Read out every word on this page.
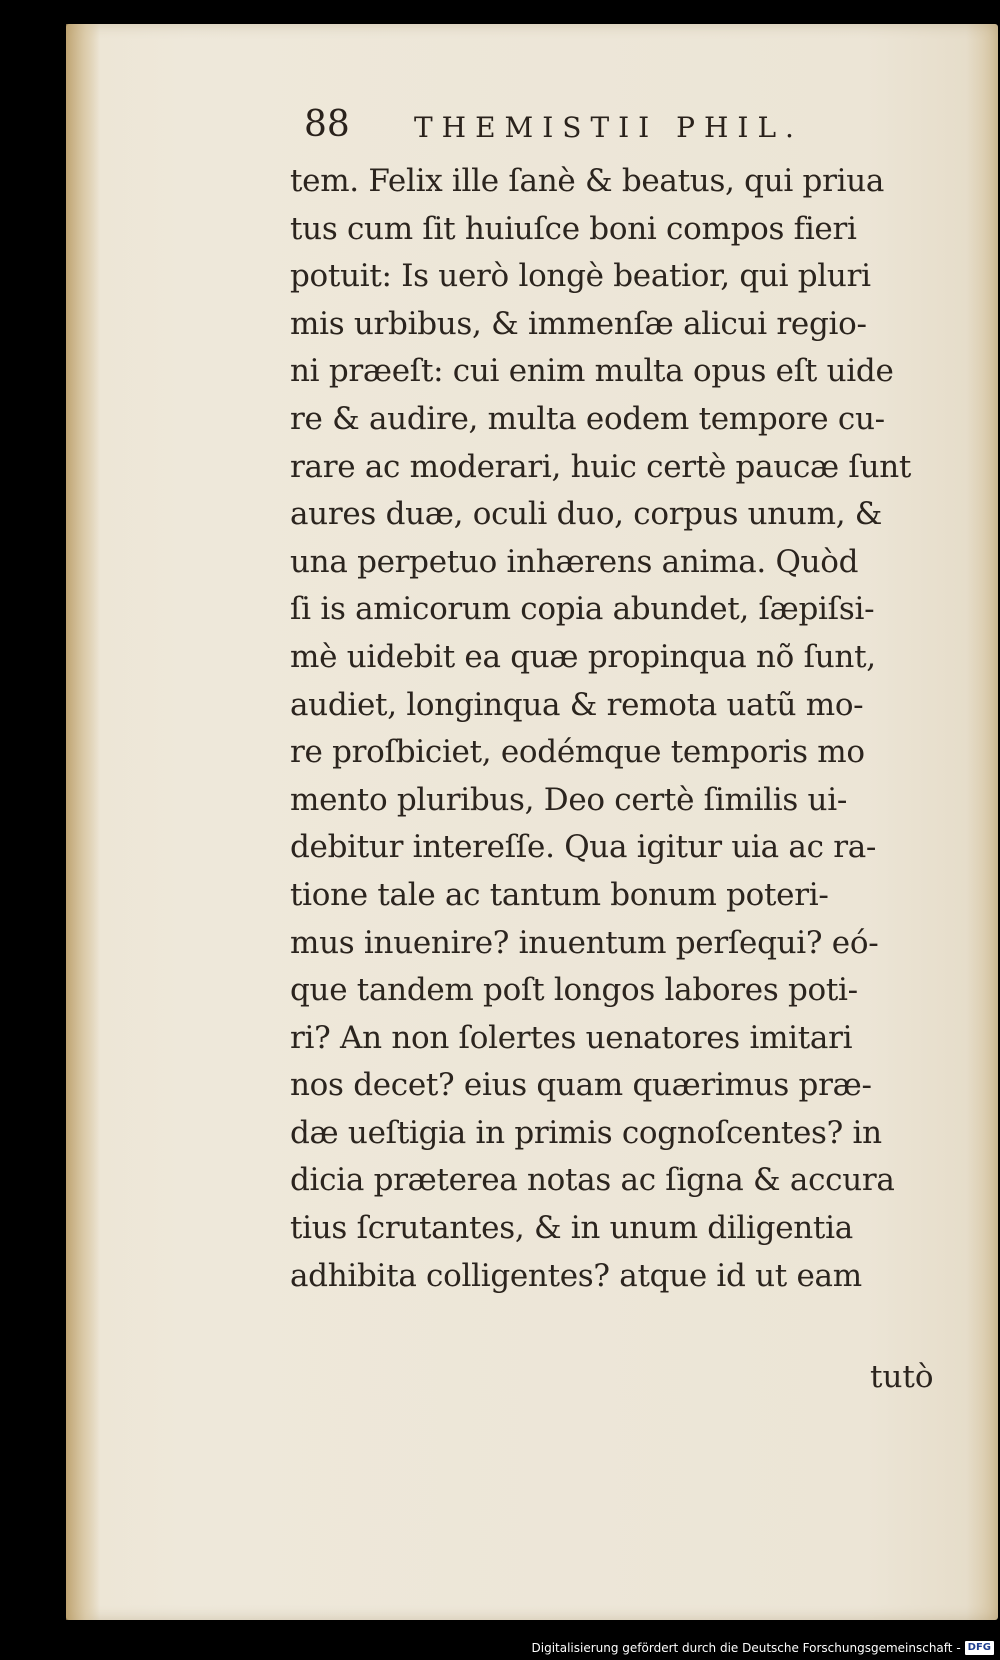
88 THEMISTII PHIL.
tem. Felix ille ſanè & beatus, qui priua
tus cum ſit huiuſce boni compos fieri
potuit: Is uerò longè beatior, qui pluri
mis urbibus, & immenſæ alicui regio-
ni præeſt: cui enim multa opus eſt uide
re & audire, multa eodem tempore cu-
rare ac moderari, huic certè paucæ ſunt
aures duæ, oculi duo, corpus unum, &
una perpetuo inhærens anima. Quòd
ſi is amicorum copia abundet, ſæpiſsi-
mè uidebit ea quæ propinqua nõ ſunt,
audiet, longinqua & remota uatũ mo-
re proſbiciet, eodémque temporis mo
mento pluribus, Deo certè ſimilis ui-
debitur intereſſe. Qua igitur uia ac ra-
tione tale ac tantum bonum poteri-
mus inuenire? inuentum perſequi? eó-
que tandem poſt longos labores poti-
ri? An non ſolertes uenatores imitari
nos decet? eius quam quærimus præ-
dæ ueſtigia in primis cognoſcentes? in
dicia præterea notas ac ſigna & accura
tius ſcrutantes, & in unum diligentia
adhibita colligentes? atque id ut eam
tutò
Digitalisierung gefördert durch die Deutsche Forschungsgemeinschaft - DFG
